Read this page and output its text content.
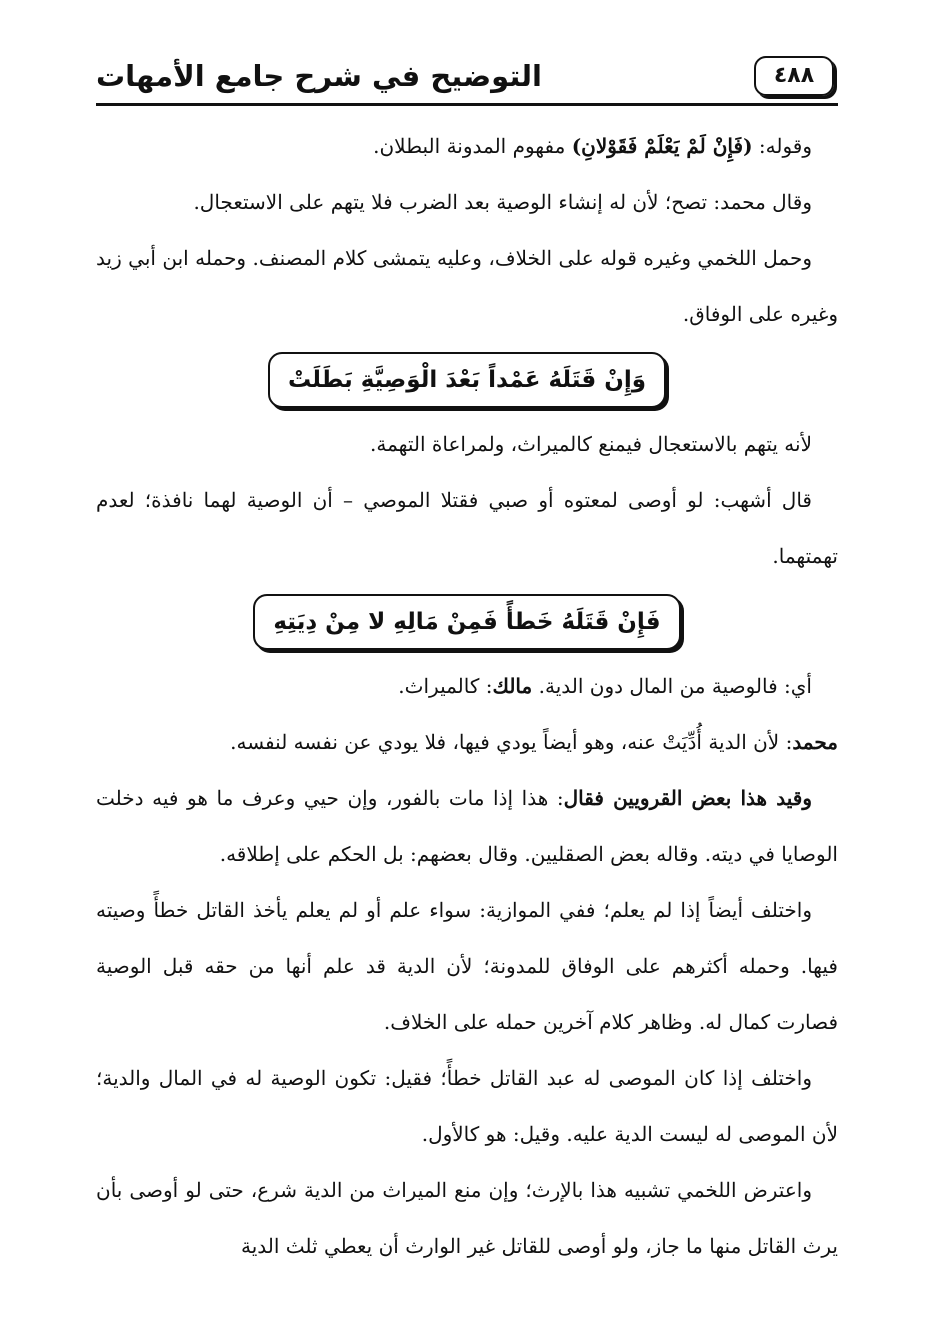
التوضيح في شرح جامع الأمهات	٤٨٨

وقوله: (فَإِنْ لَمْ يَعْلَمْ فَقَوْلانِ) مفهوم المدونة البطلان.

وقال محمد: تصح؛ لأن له إنشاء الوصية بعد الضرب فلا يتهم على الاستعجال.

وحمل اللخمي وغيره قوله على الخلاف، وعليه يتمشى كلام المصنف. وحمله ابن أبي زيد وغيره على الوفاق.

وَإِنْ قَتَلَهُ عَمْداً بَعْدَ الْوَصِيَّةِ بَطَلَتْ

لأنه يتهم بالاستعجال فيمنع كالميراث، ولمراعاة التهمة.

قال أشهب: لو أوصى لمعتوه أو صبي فقتلا الموصي – أن الوصية لهما نافذة؛ لعدم تهمتهما.

فَإِنْ قَتَلَهُ خَطأً فَمِنْ مَالِهِ لا مِنْ دِيَتِهِ

أي: فالوصية من المال دون الدية. مالك: كالميراث.

محمد: لأن الدية أُدِّيَتْ عنه، وهو أيضاً يودي فيها، فلا يودي عن نفسه لنفسه.

وقيد هذا بعض القرويين فقال: هذا إذا مات بالفور، وإن حيي وعرف ما هو فيه دخلت الوصايا في ديته. وقاله بعض الصقليين. وقال بعضهم: بل الحكم على إطلاقه.

واختلف أيضاً إذا لم يعلم؛ ففي الموازية: سواء علم أو لم يعلم يأخذ القاتل خطأً وصيته فيها. وحمله أكثرهم على الوفاق للمدونة؛ لأن الدية قد علم أنها من حقه قبل الوصية فصارت كمال له. وظاهر كلام آخرين حمله على الخلاف.

واختلف إذا كان الموصى له عبد القاتل خطأً؛ فقيل: تكون الوصية له في المال والدية؛ لأن الموصى له ليست الدية عليه. وقيل: هو كالأول.

واعترض اللخمي تشبيه هذا بالإرث؛ وإن منع الميراث من الدية شرع، حتى لو أوصى بأن يرث القاتل منها ما جاز، ولو أوصى للقاتل غير الوارث أن يعطي ثلث الدية
